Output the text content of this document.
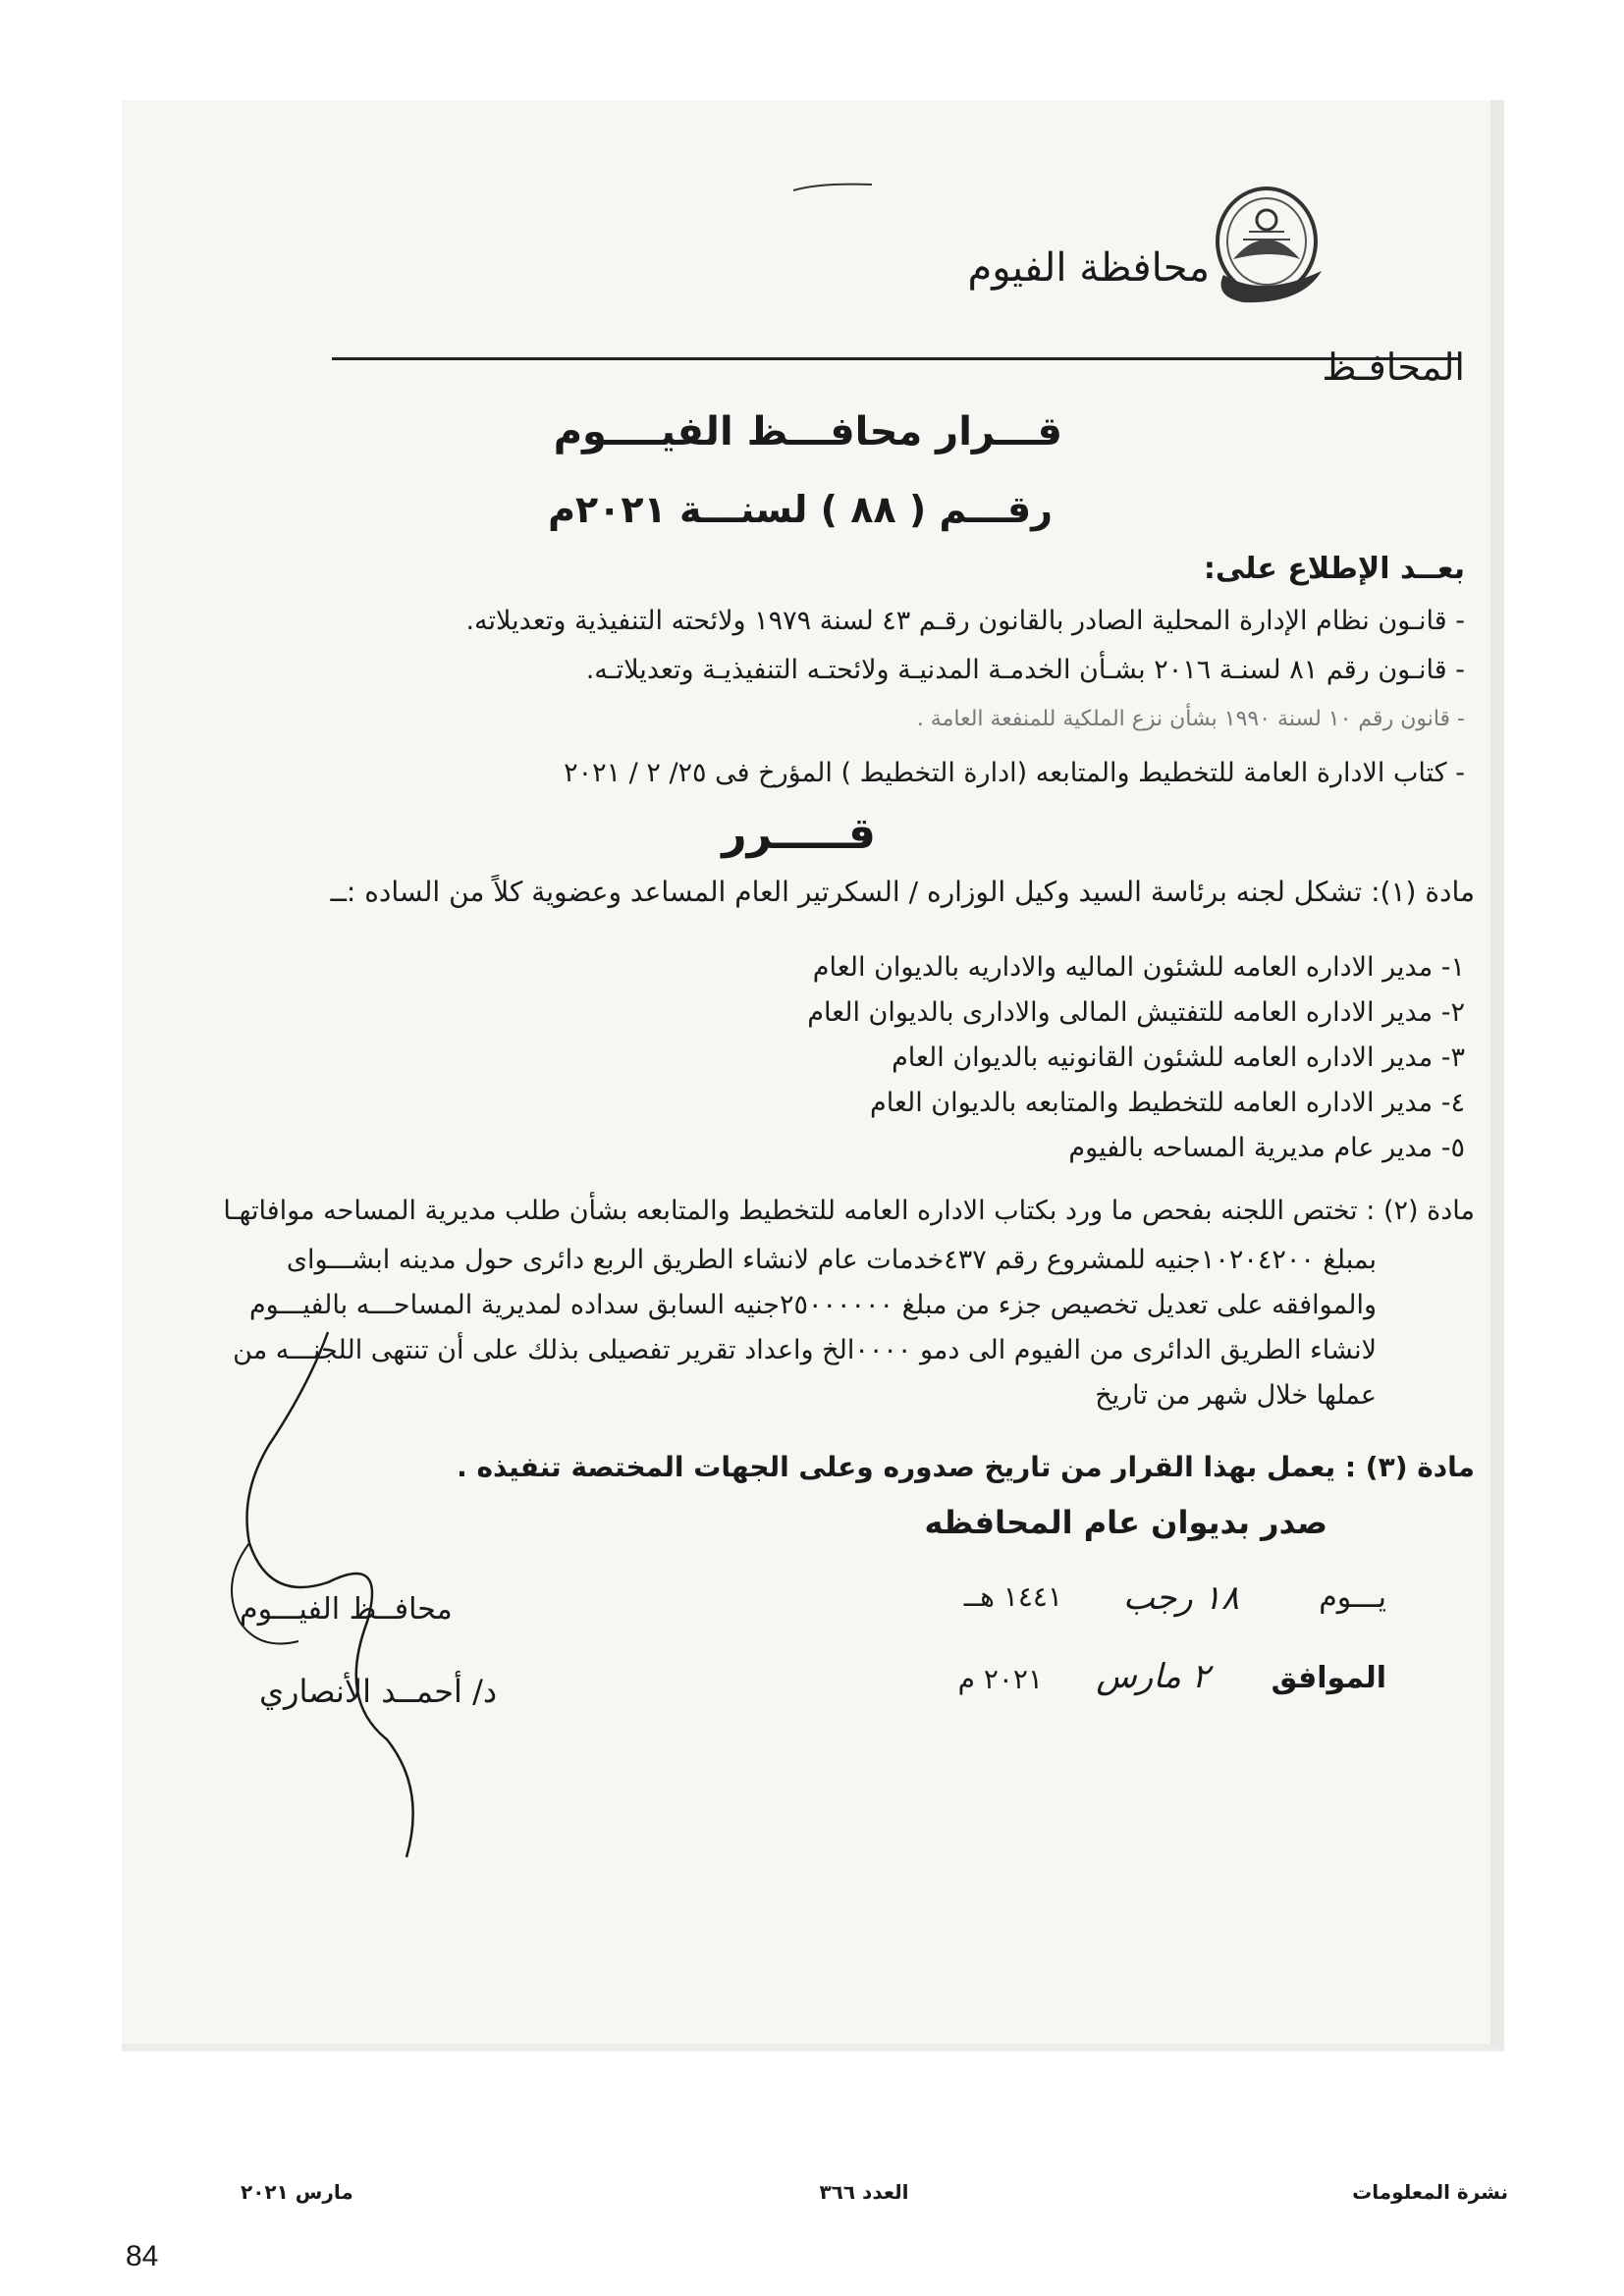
محافظة الفيوم
المحافـظ
قـــرار محافـــظ الفيــــوم
رقـــم ( ٨٨ ) لسنـــة ٢٠٢١م
بعــد الإطلاع على:
- قانـون نظام الإدارة المحلية الصادر بالقانون رقـم ٤٣ لسنة ١٩٧٩ ولائحته التنفيذية وتعديلاته.
- قانـون رقم ٨١ لسنـة ٢٠١٦ بشـأن الخدمـة المدنيـة ولائحتـه التنفيذيـة وتعديلاتـه.
- قانون رقم ١٠ لسنة ١٩٩٠ بشأن نزع الملكية للمنفعة العامة .
- كتاب الادارة العامة للتخطيط والمتابعه (ادارة التخطيط ) المؤرخ فى ٢٥/ ٢ / ٢٠٢١
قـــــرر
مادة (١): تشكل لجنه برئاسة السيد وكيل الوزاره / السكرتير العام المساعد وعضوية كلاً من الساده :ــ
١- مدير الاداره العامه للشئون الماليه والاداريه بالديوان العام
٢- مدير الاداره العامه للتفتيش المالى والادارى بالديوان العام
٣- مدير الاداره العامه للشئون القانونيه بالديوان العام
٤- مدير الاداره العامه للتخطيط والمتابعه بالديوان العام
٥- مدير عام مديرية المساحه بالفيوم
مادة (٢) : تختص اللجنه بفحص ما ورد بكتاب الاداره العامه للتخطيط والمتابعه بشأن طلب مديرية المساحه موافاتهـا
بمبلغ ١٠٢٠٤٢٠٠جنيه للمشروع رقم ٤٣٧خدمات عام لانشاء الطريق الربع دائرى حول مدينه ابشـــواى
والموافقه على تعديل تخصيص جزء من مبلغ ٢٥٠٠٠٠٠٠جنيه السابق سداده لمديرية المساحـــه بالفيـــوم
لانشاء الطريق الدائرى من الفيوم الى دمو ٠٠٠٠الخ واعداد تقرير تفصيلى بذلك على أن تنتهى اللجنـــه من
عملها خلال شهر من تاريخ
مادة (٣) : يعمل بهذا القرار من تاريخ صدوره وعلى الجهات المختصة تنفيذه .
صدر بديوان عام المحافظه
يـــوم
١٨ رجب
١٤٤١ هــ
الموافق
٢ مارس
٢٠٢١ م
محافــظ الفيـــوم
د/ أحمــد الأنصاري
مارس ٢٠٢١	العدد ٣٦٦	نشرة المعلومات
84
